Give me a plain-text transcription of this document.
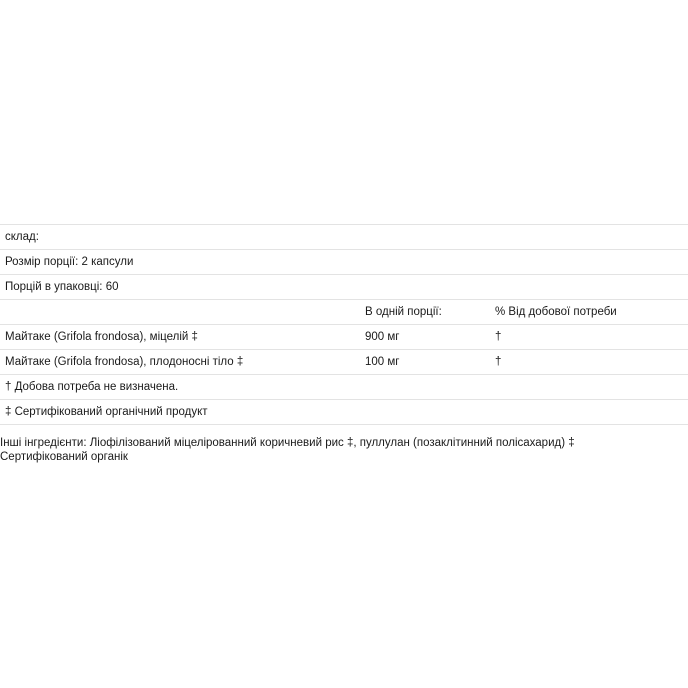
склад:		
Розмір порції: 2 капсули		
Порцій в упаковці: 60		
	В одній порції:	% Від добової потреби
Майтаке (Grifola frondosa), міцелій ‡	900 мг	†
Майтаке (Grifola frondosa), плодоносні тіло ‡	100 мг	†
† Добова потреба не визначена.		
‡ Сертифікований органічний продукт		
Інші інгредієнти: Ліофілізований міцелірованний коричневий рис ‡, пуллулан (позаклітинний полісахарид) ‡ Сертифікований органік
